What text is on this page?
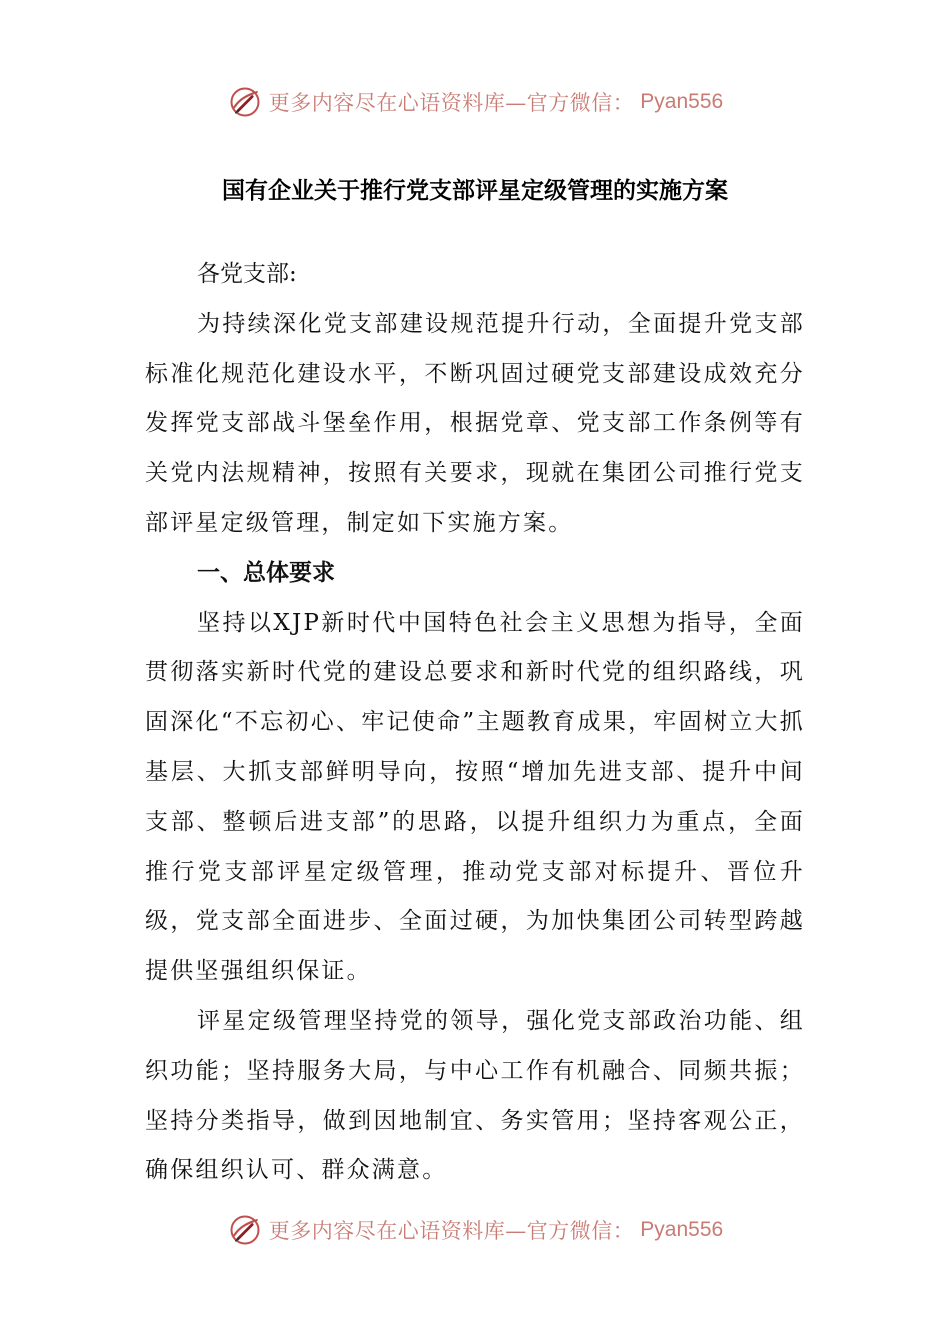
更多内容尽在心语资料库—官方微信： Pyan556
国有企业关于推行党支部评星定级管理的实施方案

各党支部:

为持续深化党支部建设规范提升行动，全面提升党支部标准化规范化建设水平，不断巩固过硬党支部建设成效充分发挥党支部战斗堡垒作用，根据党章、党支部工作条例等有关党内法规精神，按照有关要求，现就在集团公司推行党支部评星定级管理，制定如下实施方案。

一、总体要求

坚持以XJP新时代中国特色社会主义思想为指导，全面贯彻落实新时代党的建设总要求和新时代党的组织路线，巩固深化“不忘初心、牢记使命”主题教育成果，牢固树立大抓基层、大抓支部鲜明导向，按照“增加先进支部、提升中间支部、整顿后进支部”的思路，以提升组织力为重点，全面推行党支部评星定级管理，推动党支部对标提升、晋位升级，党支部全面进步、全面过硬，为加快集团公司转型跨越提供坚强组织保证。

评星定级管理坚持党的领导，强化党支部政治功能、组织功能；坚持服务大局，与中心工作有机融合、同频共振；坚持分类指导，做到因地制宜、务实管用；坚持客观公正，确保组织认可、群众满意。

更多内容尽在心语资料库—官方微信： Pyan556
